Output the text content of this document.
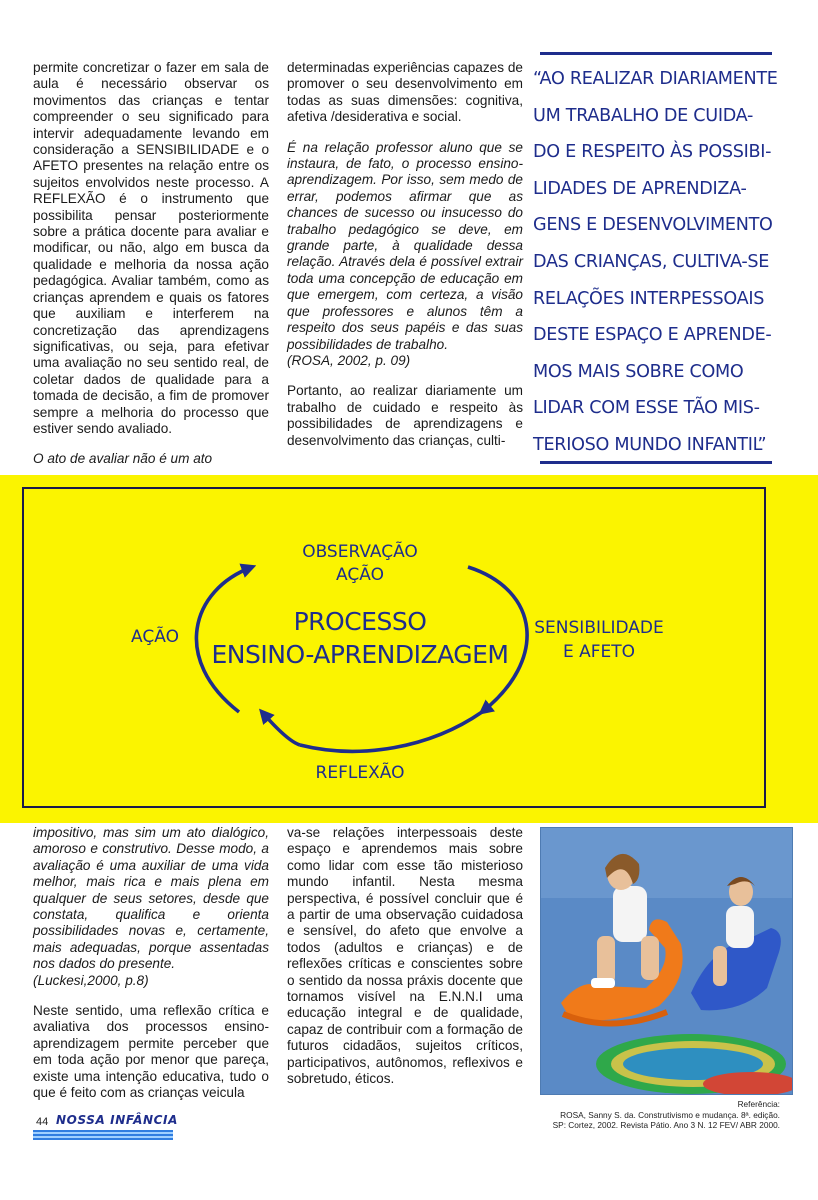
permite concretizar o fazer em sala de aula é necessário observar os movimentos das crianças e tentar compreender o seu significado para intervir adequadamente levando em consideração a SENSIBILIDADE e o AFETO presentes na relação entre os sujeitos envolvidos neste processo. A REFLEXÃO é o instrumento que possibilita pensar posteriormente sobre a prática docente para avaliar e modificar, ou não, algo em busca da qualidade e melhoria da nossa ação pedagógica. Avaliar também, como as crianças aprendem e quais os fatores que auxiliam e interferem na concretização das aprendizagens significativas, ou seja, para efetivar uma avaliação no seu sentido real, de coletar dados de qualidade para a tomada de decisão, a fim de promover sempre a melhoria do processo que estiver sendo avaliado.

O ato de avaliar não é um ato

determinadas experiências capazes de promover o seu desenvolvimento em todas as suas dimensões: cognitiva, afetiva /desiderativa e social.

É na relação professor aluno que se instaura, de fato, o processo ensino-aprendizagem. Por isso, sem medo de errar, podemos afirmar que as chances de sucesso ou insucesso do trabalho pedagógico se deve, em grande parte, à qualidade dessa relação. Através dela é possível extrair toda uma concepção de educação em que emergem, com certeza, a visão que professores e alunos têm a respeito dos seus papéis e das suas possibilidades de trabalho.

(ROSA, 2002, p. 09)

Portanto, ao realizar diariamente um trabalho de cuidado e respeito às possibilidades de aprendizagens e desenvolvimento das crianças, culti-

“AO REALIZAR DIARIAMENTE
UM TRABALHO DE CUIDA-
DO E RESPEITO ÀS POSSIBI-
LIDADES DE APRENDIZA-
GENS E DESENVOLVIMENTO
DAS CRIANÇAS, CULTIVA-SE
RELAÇÕES INTERPESSOAIS
DESTE ESPAÇO E APRENDE-
MOS MAIS SOBRE COMO
LIDAR COM ESSE TÃO MIS-
TERIOSO MUNDO INFANTIL”
OBSERVAÇÃO
AÇÃO
PROCESSO
ENSINO-APRENDIZAGEM
AÇÃO	SENSIBILIDADE
E AFETO
REFLEXÃO

impositivo, mas sim um ato dialógico, amoroso e construtivo. Desse modo, a avaliação é uma auxiliar de uma vida melhor, mais rica e mais plena em qualquer de seus setores, desde que constata, qualifica e orienta possibilidades novas e, certamente, mais adequadas, porque assentadas nos dados do presente.

(Luckesi,2000, p.8)

Neste sentido, uma reflexão crítica e avaliativa dos processos ensino-aprendizagem permite perceber que em toda ação por menor que pareça, existe uma intenção educativa, tudo o que é feito com as crianças veicula

va-se relações interpessoais deste espaço e aprendemos mais sobre como lidar com esse tão misterioso mundo infantil. Nesta mesma perspectiva, é possível concluir que é a partir de uma observação cuidadosa e sensível, do afeto que envolve a todos (adultos e crianças) e de reflexões críticas e conscientes sobre o sentido da nossa práxis docente que tornamos visível na E.N.N.I uma educação integral e de qualidade, capaz de contribuir com a formação de futuros cidadãos, sujeitos críticos, participativos, autônomos, reflexivos e sobretudo, éticos.

Referência:
ROSA, Sanny S. da. Construtivismo e mudança. 8ª. edição.
SP: Cortez, 2002. Revista Pátio. Ano 3 N. 12 FEV/ ABR 2000.
44 NOSSA INFÂNCIA
